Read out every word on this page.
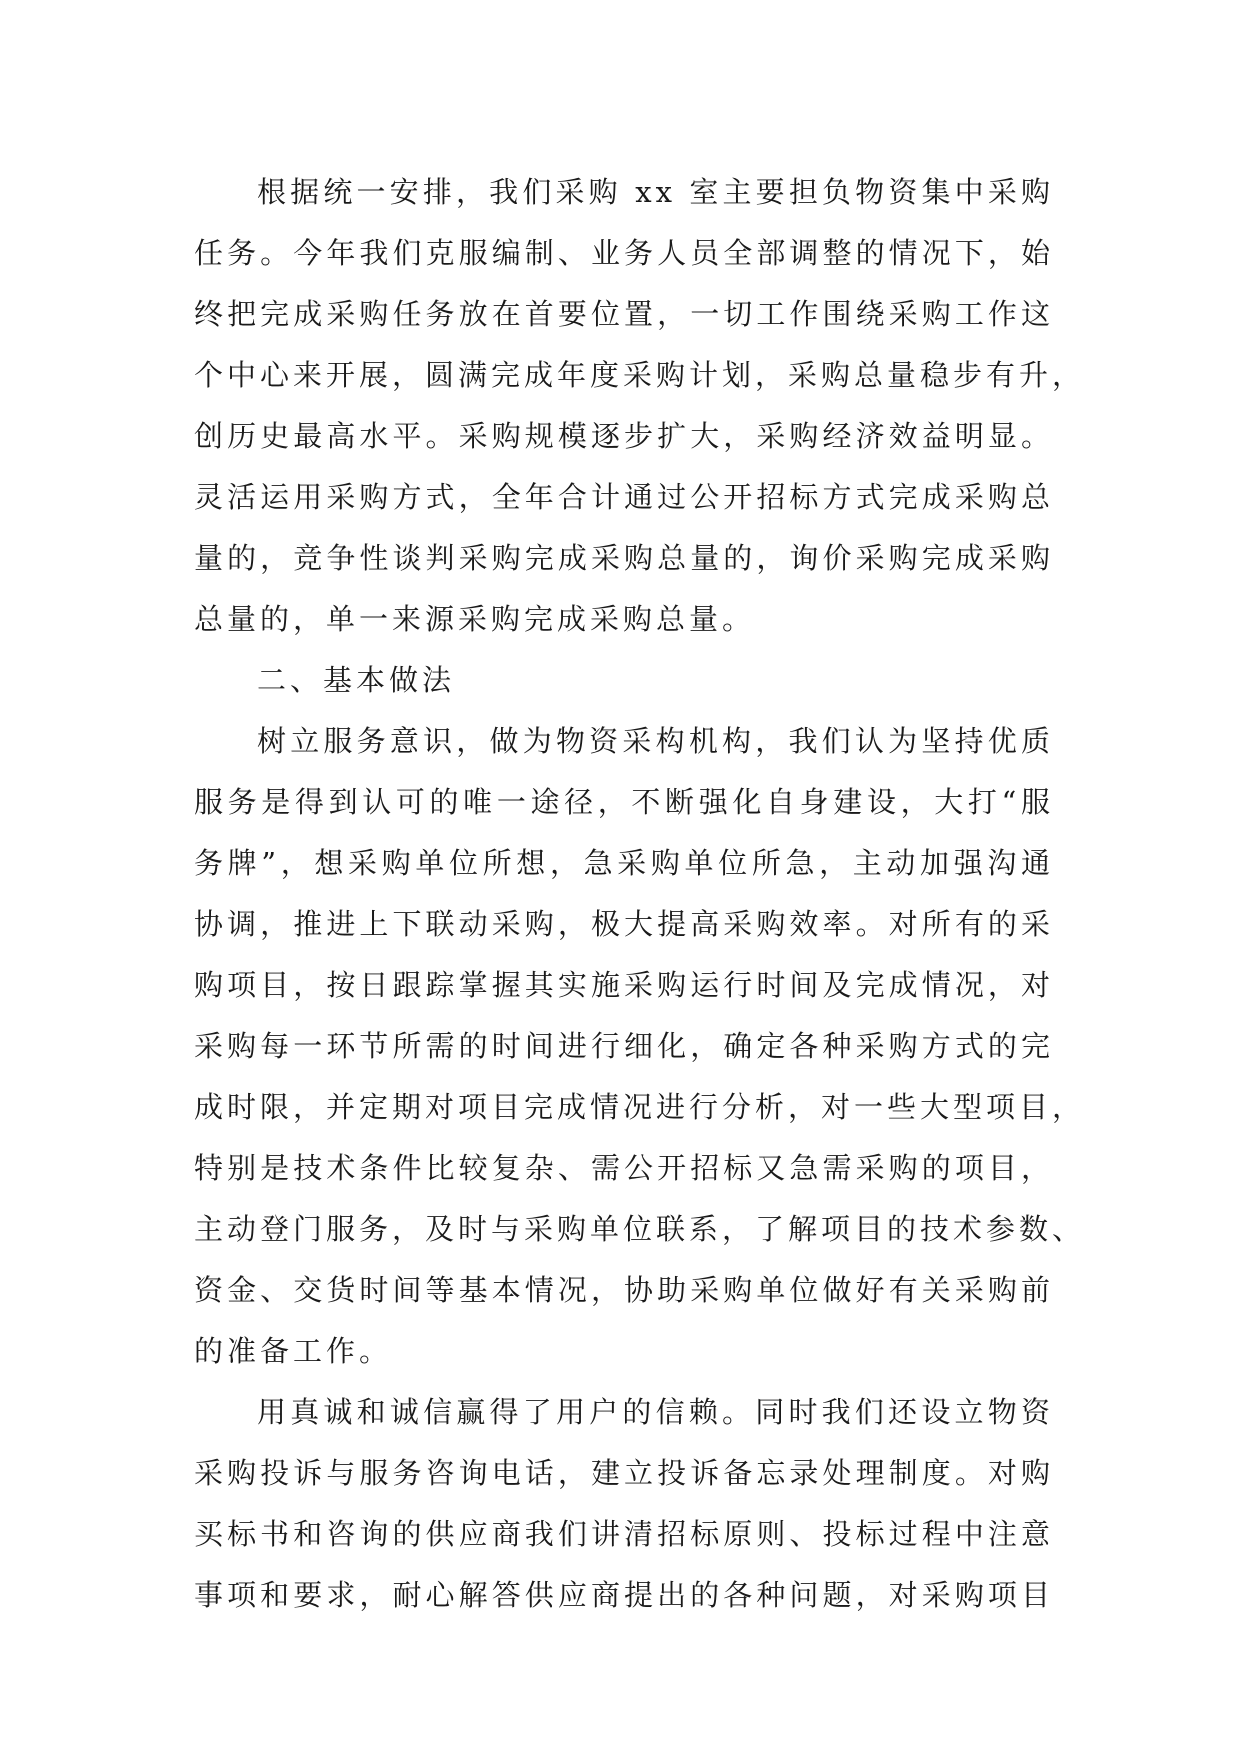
根据统一安排，我们采购 xx 室主要担负物资集中采购
任务。今年我们克服编制、业务人员全部调整的情况下，始
终把完成采购任务放在首要位置，一切工作围绕采购工作这
个中心来开展，圆满完成年度采购计划，采购总量稳步有升，
创历史最高水平。采购规模逐步扩大，采购经济效益明显。
灵活运用采购方式，全年合计通过公开招标方式完成采购总
量的，竞争性谈判采购完成采购总量的，询价采购完成采购
总量的，单一来源采购完成采购总量。
二、基本做法
树立服务意识，做为物资采构机构，我们认为坚持优质
服务是得到认可的唯一途径，不断强化自身建设，大打“服
务牌”，想采购单位所想，急采购单位所急，主动加强沟通
协调，推进上下联动采购，极大提高采购效率。对所有的采
购项目，按日跟踪掌握其实施采购运行时间及完成情况，对
采购每一环节所需的时间进行细化，确定各种采购方式的完
成时限，并定期对项目完成情况进行分析，对一些大型项目，
特别是技术条件比较复杂、需公开招标又急需采购的项目，
主动登门服务，及时与采购单位联系，了解项目的技术参数、
资金、交货时间等基本情况，协助采购单位做好有关采购前
的准备工作。
用真诚和诚信赢得了用户的信赖。同时我们还设立物资
采购投诉与服务咨询电话，建立投诉备忘录处理制度。对购
买标书和咨询的供应商我们讲清招标原则、投标过程中注意
事项和要求，耐心解答供应商提出的各种问题，对采购项目
